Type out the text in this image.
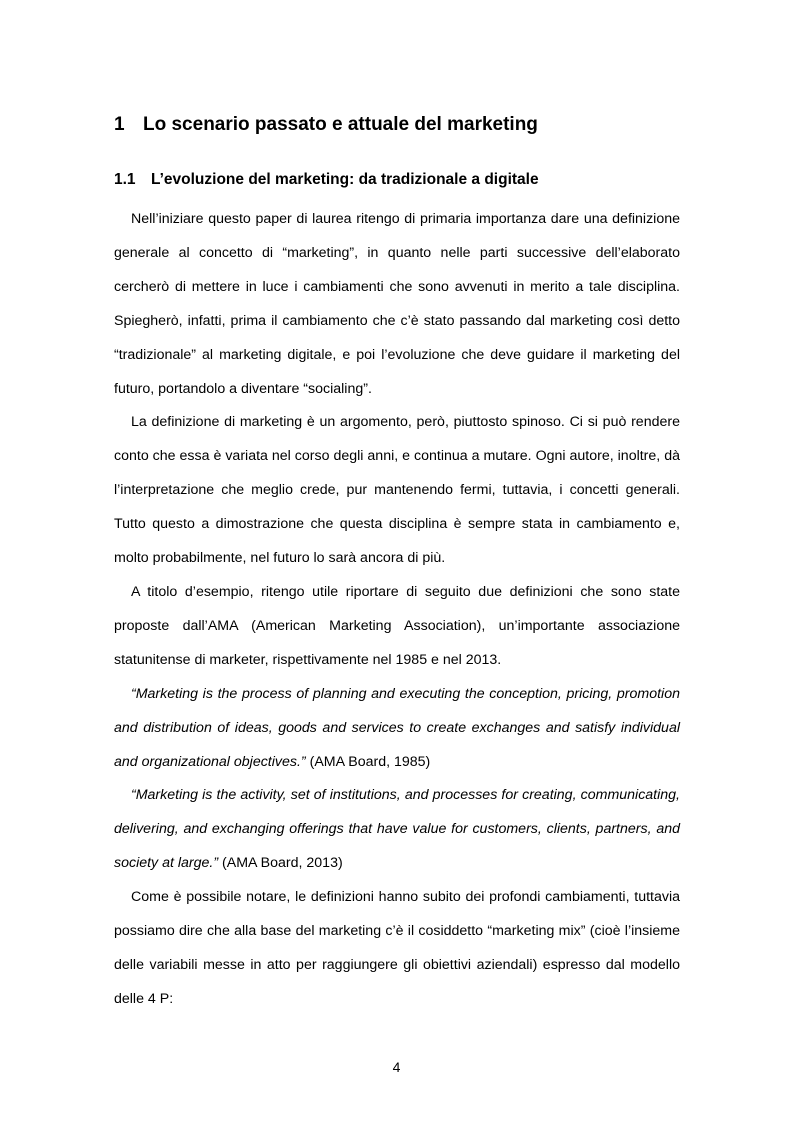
1 Lo scenario passato e attuale del marketing
1.1 L’evoluzione del marketing: da tradizionale a digitale

Nell’iniziare questo paper di laurea ritengo di primaria importanza dare una definizione generale al concetto di “marketing”, in quanto nelle parti successive dell’elaborato cercherò di mettere in luce i cambiamenti che sono avvenuti in merito a tale disciplina. Spiegherò, infatti, prima il cambiamento che c’è stato passando dal marketing così detto “tradizionale” al marketing digitale, e poi l’evoluzione che deve guidare il marketing del futuro, portandolo a diventare “socialing”.

La definizione di marketing è un argomento, però, piuttosto spinoso. Ci si può rendere conto che essa è variata nel corso degli anni, e continua a mutare. Ogni autore, inoltre, dà l’interpretazione che meglio crede, pur mantenendo fermi, tuttavia, i concetti generali. Tutto questo a dimostrazione che questa disciplina è sempre stata in cambiamento e, molto probabilmente, nel futuro lo sarà ancora di più.

A titolo d’esempio, ritengo utile riportare di seguito due definizioni che sono state proposte dall’AMA (American Marketing Association), un’importante associazione statunitense di marketer, rispettivamente nel 1985 e nel 2013.

“Marketing is the process of planning and executing the conception, pricing, promotion and distribution of ideas, goods and services to create exchanges and satisfy individual and organizational objectives.” (AMA Board, 1985)

“Marketing is the activity, set of institutions, and processes for creating, communicating, delivering, and exchanging offerings that have value for customers, clients, partners, and society at large.” (AMA Board, 2013)

Come è possibile notare, le definizioni hanno subito dei profondi cambiamenti, tuttavia possiamo dire che alla base del marketing c’è il cosiddetto “marketing mix” (cioè l’insieme delle variabili messe in atto per raggiungere gli obiettivi aziendali) espresso dal modello delle 4 P:

4
